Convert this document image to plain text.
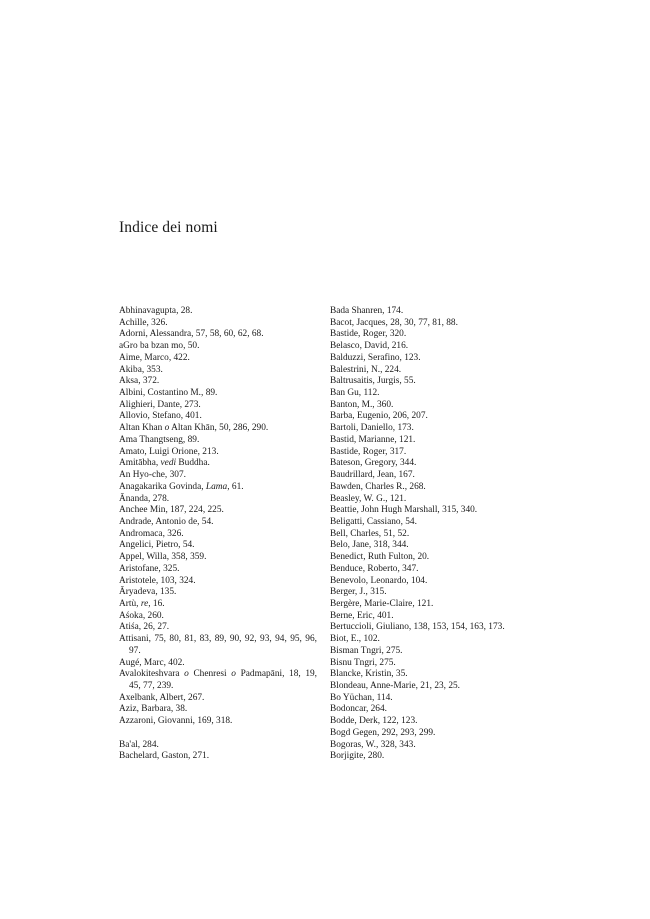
Indice dei nomi
Abhinavagupta, 28.
Achille, 326.
Adorni, Alessandra, 57, 58, 60, 62, 68.
aGro ba bzan mo, 50.
Aime, Marco, 422.
Akiba, 353.
Aksa, 372.
Albini, Costantino M., 89.
Alighieri, Dante, 273.
Allovio, Stefano, 401.
Altan Khan o Altan Khān, 50, 286, 290.
Ama Thangtseng, 89.
Amato, Luigi Orione, 213.
Amitābha, vedi Buddha.
An Hyo-che, 307.
Anagakarika Govinda, Lama, 61.
Ānanda, 278.
Anchee Min, 187, 224, 225.
Andrade, Antonio de, 54.
Andromaca, 326.
Angelici, Pietro, 54.
Appel, Willa, 358, 359.
Aristofane, 325.
Aristotele, 103, 324.
Āryadeva, 135.
Artù, re, 16.
Aśoka, 260.
Atiśa, 26, 27.
Attisani, 75, 80, 81, 83, 89, 90, 92, 93, 94, 95, 96, 97.
Augé, Marc, 402.
Avalokiteshvara o Chenresi o Padmapāni, 18, 19, 45, 77, 239.
Axelbank, Albert, 267.
Aziz, Barbara, 38.
Azzaroni, Giovanni, 169, 318.
Ba'al, 284.
Bachelard, Gaston, 271.
Bada Shanren, 174.
Bacot, Jacques, 28, 30, 77, 81, 88.
Bastide, Roger, 320.
Belasco, David, 216.
Balduzzi, Serafino, 123.
Balestrini, N., 224.
Baltrusaitis, Jurgis, 55.
Ban Gu, 112.
Banton, M., 360.
Barba, Eugenio, 206, 207.
Bartoli, Daniello, 173.
Bastid, Marianne, 121.
Bastide, Roger, 317.
Bateson, Gregory, 344.
Baudrillard, Jean, 167.
Bawden, Charles R., 268.
Beasley, W. G., 121.
Beattie, John Hugh Marshall, 315, 340.
Beligatti, Cassiano, 54.
Bell, Charles, 51, 52.
Belo, Jane, 318, 344.
Benedict, Ruth Fulton, 20.
Benduce, Roberto, 347.
Benevolo, Leonardo, 104.
Berger, J., 315.
Bergère, Marie-Claire, 121.
Berne, Eric, 401.
Bertuccioli, Giuliano, 138, 153, 154, 163, 173.
Biot, E., 102.
Bisman Tngri, 275.
Bisnu Tngri, 275.
Blancke, Kristin, 35.
Blondeau, Anne-Marie, 21, 23, 25.
Bo Yüchan, 114.
Bodoncar, 264.
Bodde, Derk, 122, 123.
Bogd Gegen, 292, 293, 299.
Bogoras, W., 328, 343.
Borjigite, 280.
